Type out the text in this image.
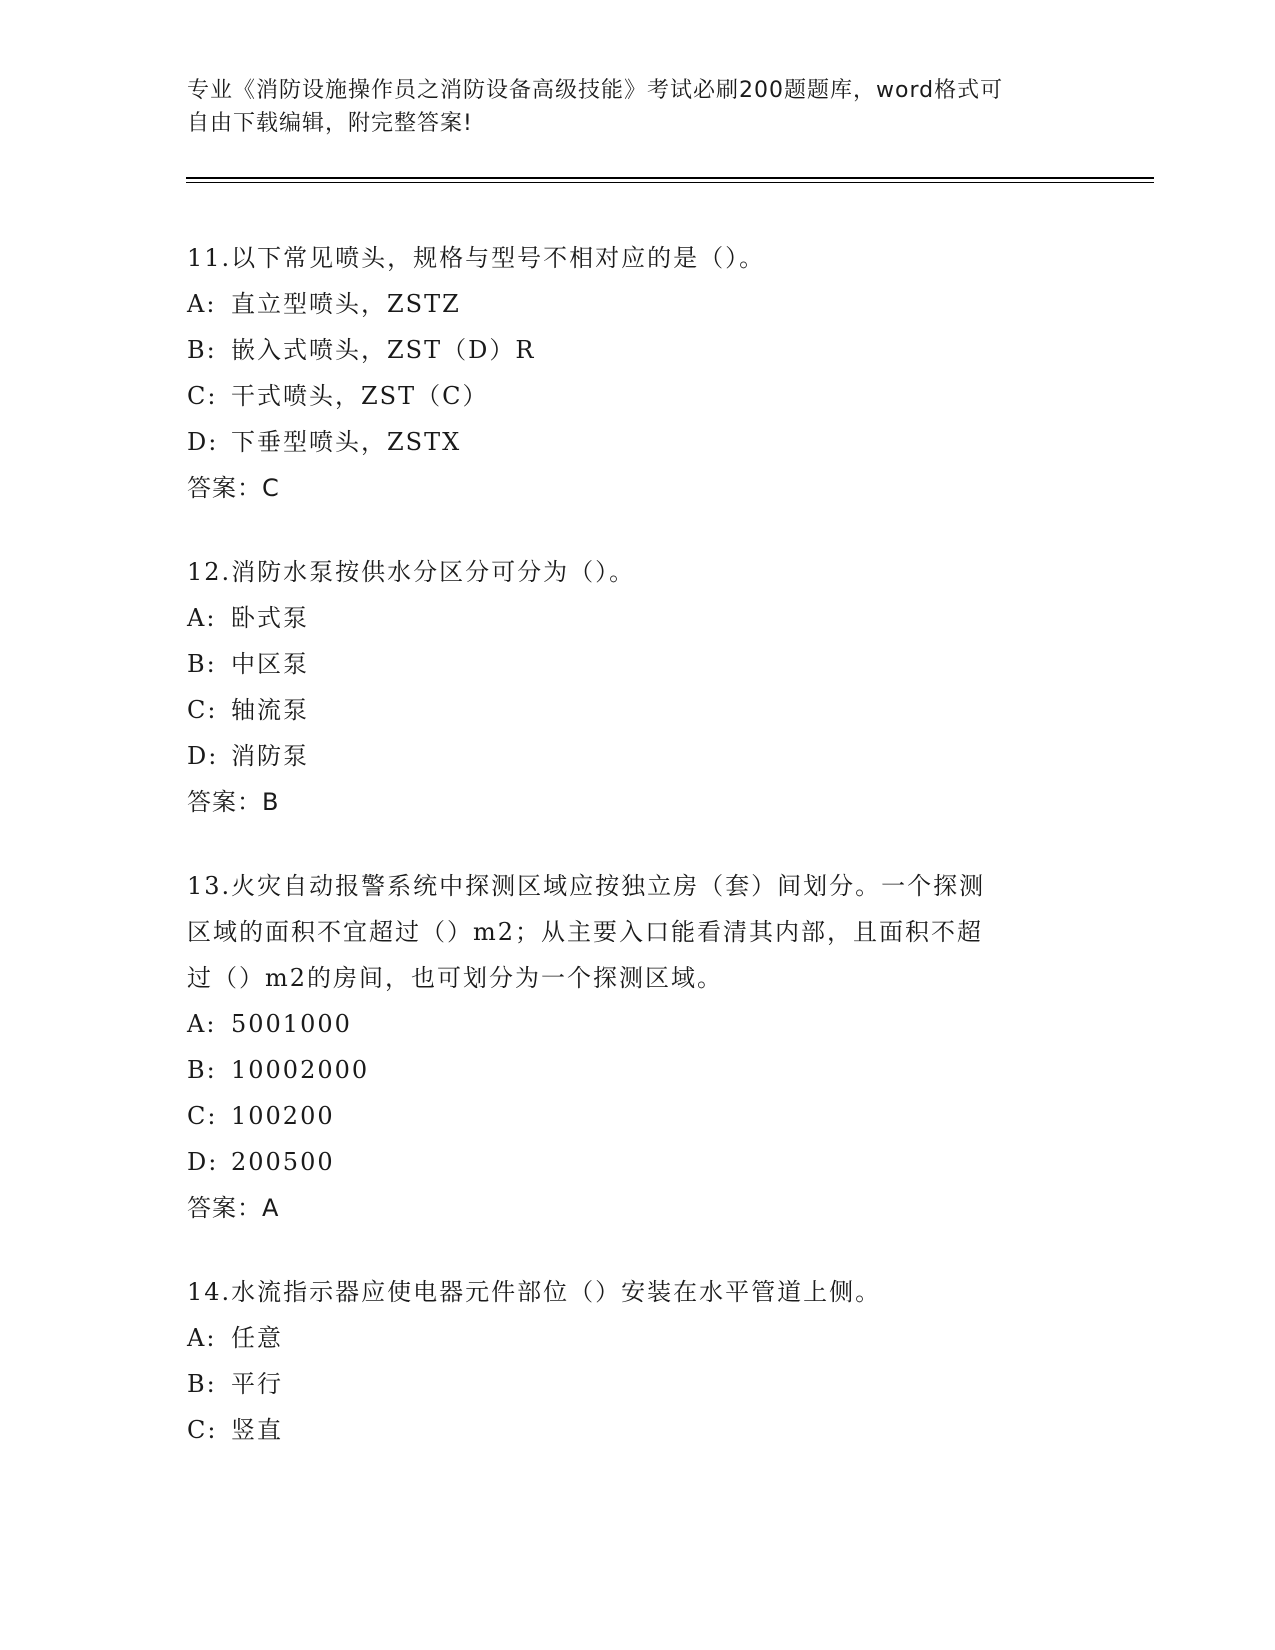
专业《消防设施操作员之消防设备高级技能》考试必刷200题题库，word格式可

自由下载编辑，附完整答案!

11.以下常见喷头，规格与型号不相对应的是（）。

A: 直立型喷头，ZSTZ

B: 嵌入式喷头，ZST（D）R

C: 干式喷头，ZST（C）

D: 下垂型喷头，ZSTX

答案：C

12.消防水泵按供水分区分可分为（）。

A: 卧式泵

B: 中区泵

C: 轴流泵

D: 消防泵

答案：B

13.火灾自动报警系统中探测区域应按独立房（套）间划分。一个探测
区域的面积不宜超过（）m2；从主要入口能看清其内部，且面积不超
过（）m2的房间，也可划分为一个探测区域。

A: 5001000

B: 10002000

C: 100200

D: 200500

答案：A

14.水流指示器应使电器元件部位（）安装在水平管道上侧。

A: 任意

B: 平行

C: 竖直
